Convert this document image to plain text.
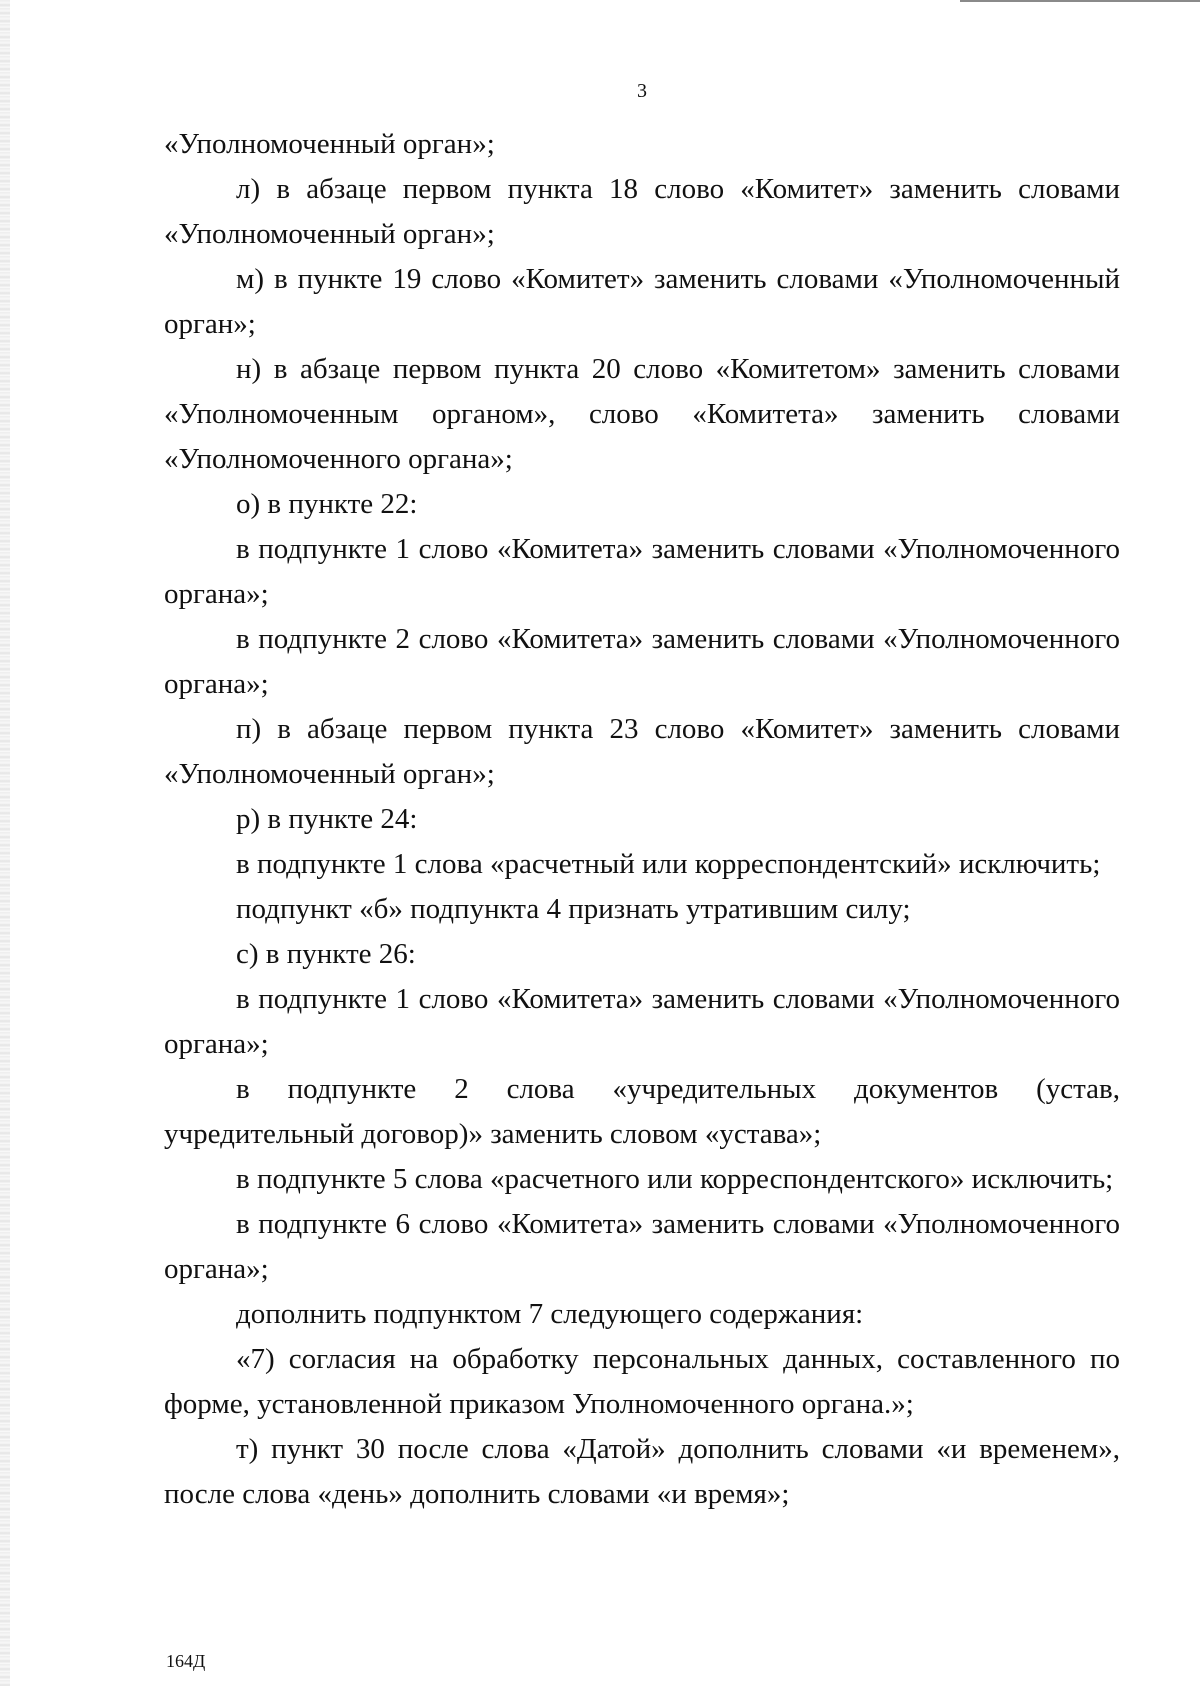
3

«Уполномоченный орган»;

л) в абзаце первом пункта 18 слово «Комитет» заменить словами «Уполномоченный орган»;

м) в пункте 19 слово «Комитет» заменить словами «Уполномоченный орган»;

н) в абзаце первом пункта 20 слово «Комитетом» заменить словами «Уполномоченным органом», слово «Комитета» заменить словами «Уполномоченного органа»;

о) в пункте 22:

в подпункте 1 слово «Комитета» заменить словами «Уполномоченного органа»;

в подпункте 2 слово «Комитета» заменить словами «Уполномоченного органа»;

п) в абзаце первом пункта 23 слово «Комитет» заменить словами «Уполномоченный орган»;

р) в пункте 24:

в подпункте 1 слова «расчетный или корреспондентский» исключить;

подпункт «б» подпункта 4 признать утратившим силу;

с) в пункте 26:

в подпункте 1 слово «Комитета» заменить словами «Уполномоченного органа»;

в подпункте 2 слова «учредительных документов (устав, учредительный договор)» заменить словом «устава»;

в подпункте 5 слова «расчетного или корреспондентского» исключить;

в подпункте 6 слово «Комитета» заменить словами «Уполномоченного органа»;

дополнить подпунктом 7 следующего содержания:

«7) согласия на обработку персональных данных, составленного по форме, установленной приказом Уполномоченного органа.»;

т) пункт 30 после слова «Датой» дополнить словами «и временем», после слова «день» дополнить словами «и время»;

164Д
